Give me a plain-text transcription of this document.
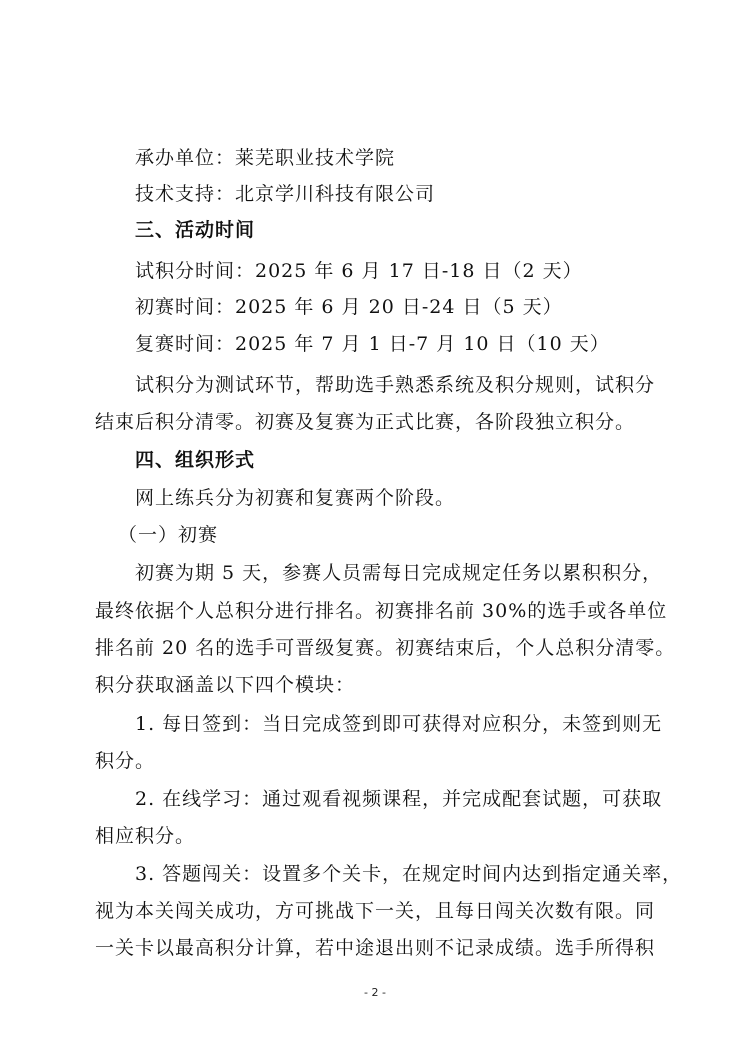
承办单位：莱芜职业技术学院
技术支持：北京学川科技有限公司
三、活动时间
试积分时间：2025 年 6 月 17 日-18 日（2 天）
初赛时间：2025 年 6 月 20 日-24 日（5 天）
复赛时间：2025 年 7 月 1 日-7 月 10 日（10 天）
试积分为测试环节，帮助选手熟悉系统及积分规则，试积分
结束后积分清零。初赛及复赛为正式比赛，各阶段独立积分。
四、组织形式
网上练兵分为初赛和复赛两个阶段。
（一）初赛
初赛为期 5 天，参赛人员需每日完成规定任务以累积积分，
最终依据个人总积分进行排名。初赛排名前 30%的选手或各单位
排名前 20 名的选手可晋级复赛。初赛结束后，个人总积分清零。
积分获取涵盖以下四个模块：
1. 每日签到：当日完成签到即可获得对应积分，未签到则无
积分。
2. 在线学习：通过观看视频课程，并完成配套试题，可获取
相应积分。
3. 答题闯关：设置多个关卡，在规定时间内达到指定通关率，
视为本关闯关成功，方可挑战下一关，且每日闯关次数有限。同
一关卡以最高积分计算，若中途退出则不记录成绩。选手所得积
- 2 -
